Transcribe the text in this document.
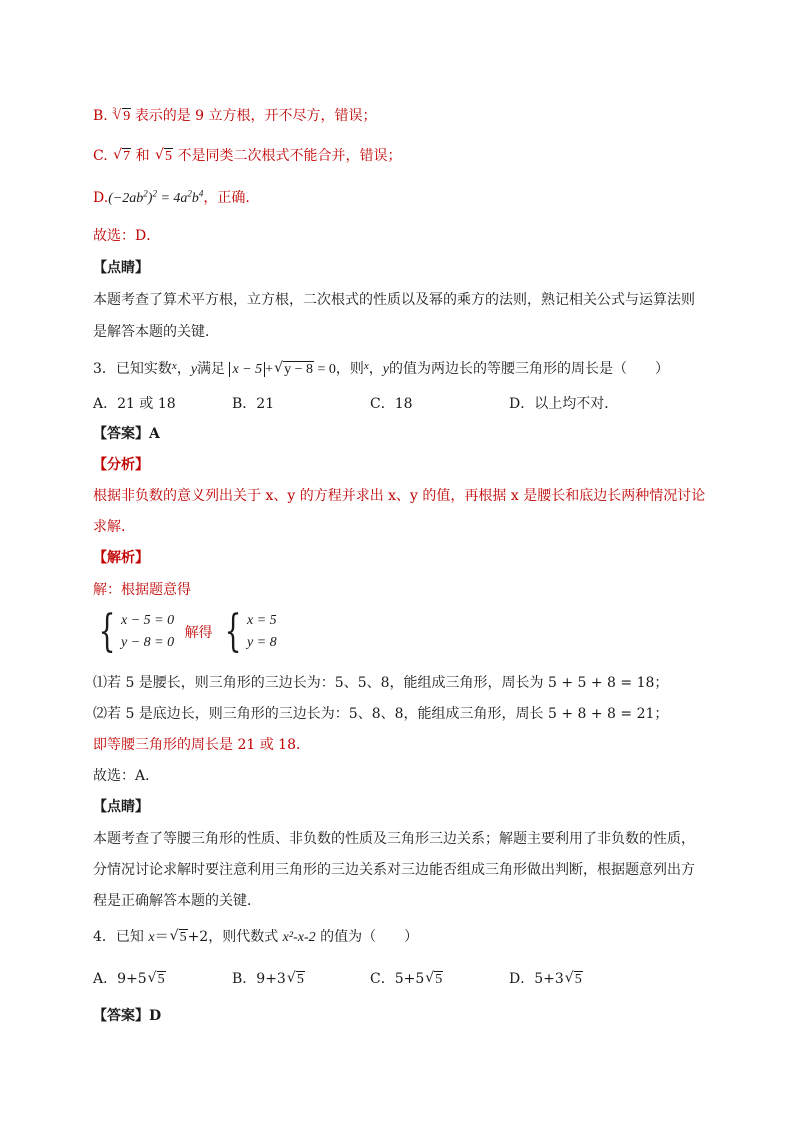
B. 3 √ 9 表示的是 9 立方根，开不尽方，错误；
C. √ 7 和 √ 5 不是同类二次根式不能合并，错误；
$D.(-2ab^2)^2 = 4a^2b^4$，正确.
故选：D．
【点睛】
本题考查了算术平方根，立方根，二次根式的性质以及幂的乘方的法则，熟记相关公式与运算法则
是解答本题的关键．
3．已知实数$^x$，y满足 x − 5 + √ y − 8 = 0，则$^x$，y的值为两边长的等腰三角形的周长是（　　）
A．21 或 18	B．21	C．18	D．以上均不对．
【答案】A
【分析】
根据非负数的意义列出关于 x、y 的方程并求出 x、y 的值，再根据 x 是腰长和底边长两种情况讨论
求解．
【解析】
解：根据题意得
{ x − 5 = 0
y − 8 = 0
解得 { x = 5
y = 8
⑴若 5 是腰长，则三角形的三边长为：5、5、8，能组成三角形，周长为 5 + 5 + 8 = 18；
⑵若 5 是底边长，则三角形的三边长为：5、8、8，能组成三角形，周长 5 + 8 + 8 = 21；
即等腰三角形的周长是 21 或 18．
故选：A．
【点睛】
本题考查了等腰三角形的性质、非负数的性质及三角形三边关系；解题主要利用了非负数的性质，
分情况讨论求解时要注意利用三角形的三边关系对三边能否组成三角形做出判断，根据题意列出方
程是正确解答本题的关键．
4．已知 x＝ √ 5+2，则代数式 x²-x-2 的值为（　　）
A．9+5 √ 5	B．9+3 √ 5	C．5+5 √ 5	D．5+3 √ 5
【答案】D
